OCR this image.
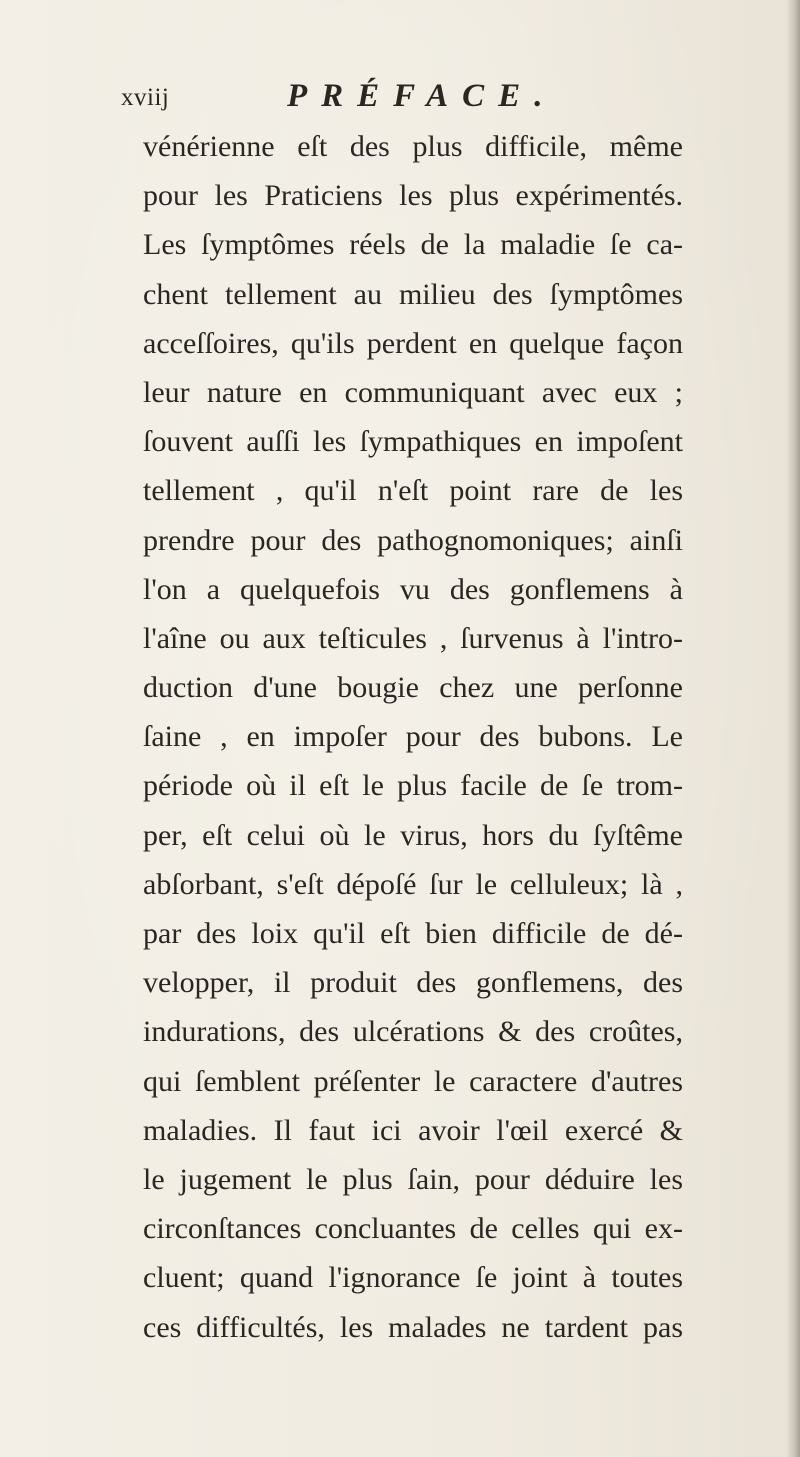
xviij	PRÉFACE.
vénérienne eſt des plus difficile, même
pour les Praticiens les plus expérimentés.
Les ſymptômes réels de la maladie ſe ca-
chent tellement au milieu des ſymptômes
acceſſoires, qu'ils perdent en quelque façon
leur nature en communiquant avec eux ;
ſouvent auſſi les ſympathiques en impoſent
tellement , qu'il n'eſt point rare de les
prendre pour des pathognomoniques; ainſi
l'on a quelquefois vu des gonflemens à
l'aîne ou aux teſticules , ſurvenus à l'intro-
duction d'une bougie chez une perſonne
ſaine , en impoſer pour des bubons. Le
période où il eſt le plus facile de ſe trom-
per, eſt celui où le virus, hors du ſyſtême
abſorbant, s'eſt dépoſé ſur le celluleux; là ,
par des loix qu'il eſt bien difficile de dé-
velopper, il produit des gonflemens, des
indurations, des ulcérations & des croûtes,
qui ſemblent préſenter le caractere d'autres
maladies. Il faut ici avoir l'œil exercé &
le jugement le plus ſain, pour déduire les
circonſtances concluantes de celles qui ex-
cluent; quand l'ignorance ſe joint à toutes
ces difficultés, les malades ne tardent pas
